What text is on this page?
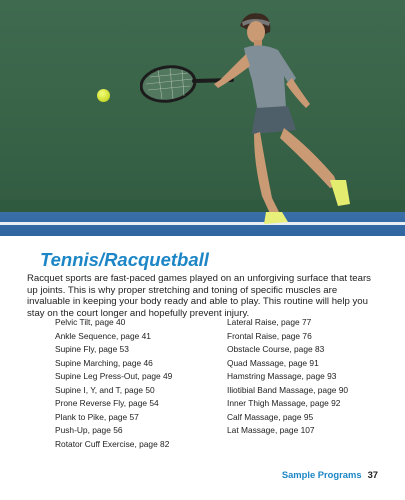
Tennis/Racquetball

Racquet sports are fast-paced games played on an unforgiving surface that tears up joints. This is why proper stretching and toning of specific muscles are invaluable in keeping your body ready and able to play. This routine will help you stay on the court longer and hopefully prevent injury.

Pelvic Tilt, page 40
Ankle Sequence, page 41
Supine Fly, page 53
Supine Marching, page 46
Supine Leg Press-Out, page 49
Supine I, Y, and T, page 50
Prone Reverse Fly, page 54
Plank to Pike, page 57
Push-Up, page 56
Rotator Cuff Exercise, page 82
Lateral Raise, page 77
Frontal Raise, page 76
Obstacle Course, page 83
Quad Massage, page 91
Hamstring Massage, page 93
Iliotibial Band Massage, page 90
Inner Thigh Massage, page 92
Calf Massage, page 95
Lat Massage, page 107
Sample Programs 37
